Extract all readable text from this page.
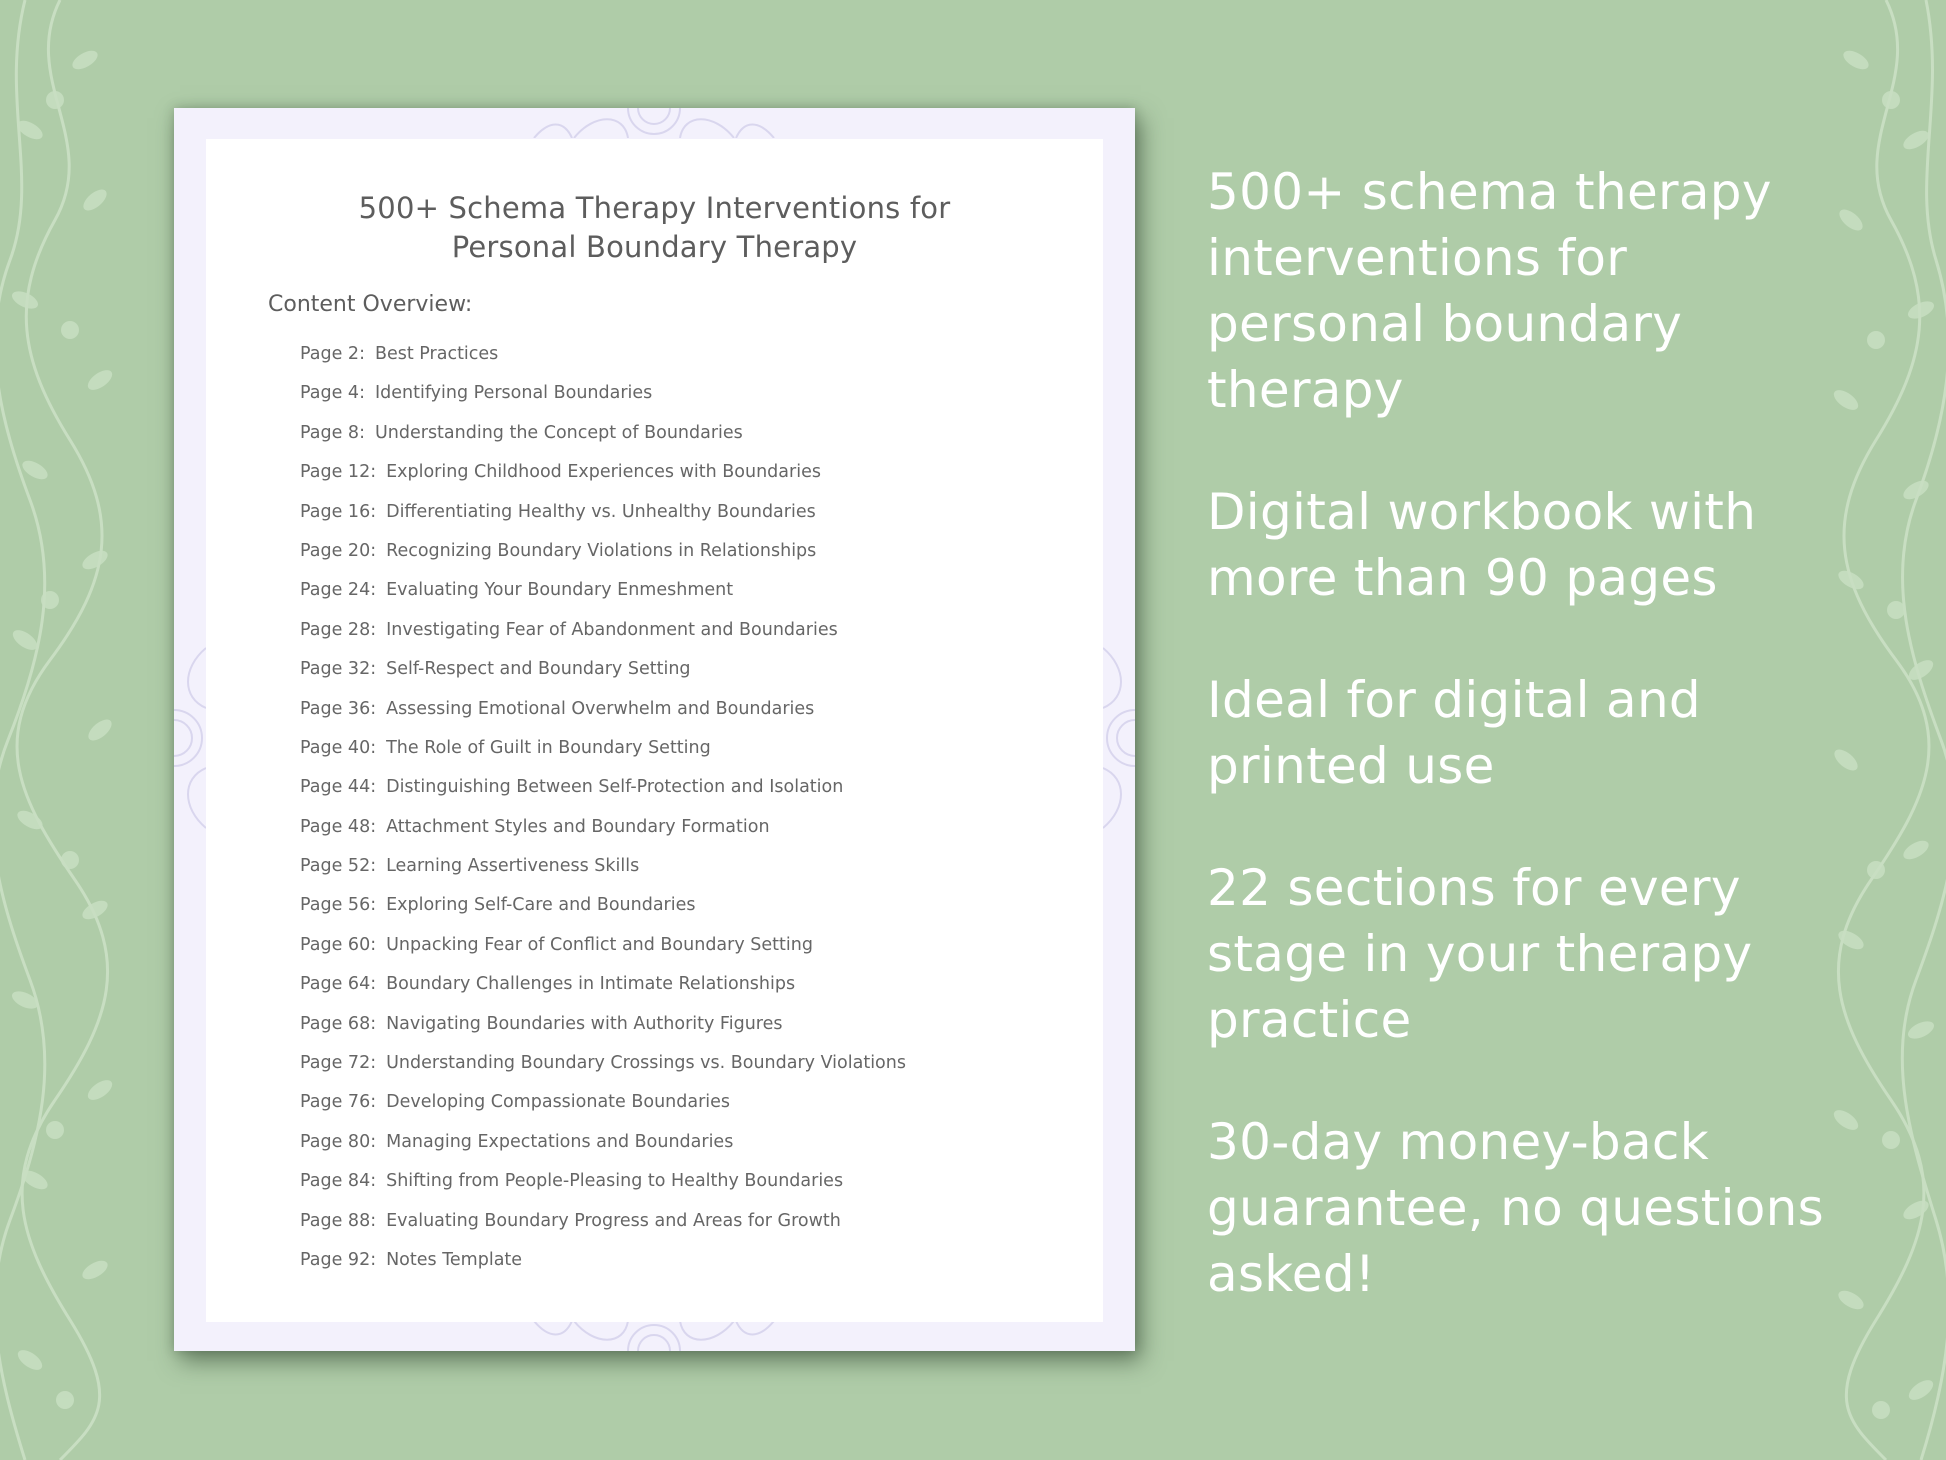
500+ Schema Therapy Interventions for
Personal Boundary Therapy
Content Overview:
Page 2: Best Practices
Page 4: Identifying Personal Boundaries
Page 8: Understanding the Concept of Boundaries
Page 12: Exploring Childhood Experiences with Boundaries
Page 16: Differentiating Healthy vs. Unhealthy Boundaries
Page 20: Recognizing Boundary Violations in Relationships
Page 24: Evaluating Your Boundary Enmeshment
Page 28: Investigating Fear of Abandonment and Boundaries
Page 32: Self-Respect and Boundary Setting
Page 36: Assessing Emotional Overwhelm and Boundaries
Page 40: The Role of Guilt in Boundary Setting
Page 44: Distinguishing Between Self-Protection and Isolation
Page 48: Attachment Styles and Boundary Formation
Page 52: Learning Assertiveness Skills
Page 56: Exploring Self-Care and Boundaries
Page 60: Unpacking Fear of Conflict and Boundary Setting
Page 64: Boundary Challenges in Intimate Relationships
Page 68: Navigating Boundaries with Authority Figures
Page 72: Understanding Boundary Crossings vs. Boundary Violations
Page 76: Developing Compassionate Boundaries
Page 80: Managing Expectations and Boundaries
Page 84: Shifting from People-Pleasing to Healthy Boundaries
Page 88: Evaluating Boundary Progress and Areas for Growth
Page 92: Notes Template
500+ schema therapy interventions for personal boundary therapy
Digital workbook with more than 90 pages
Ideal for digital and printed use
22 sections for every stage in your therapy practice
30-day money-back guarantee, no questions asked!
